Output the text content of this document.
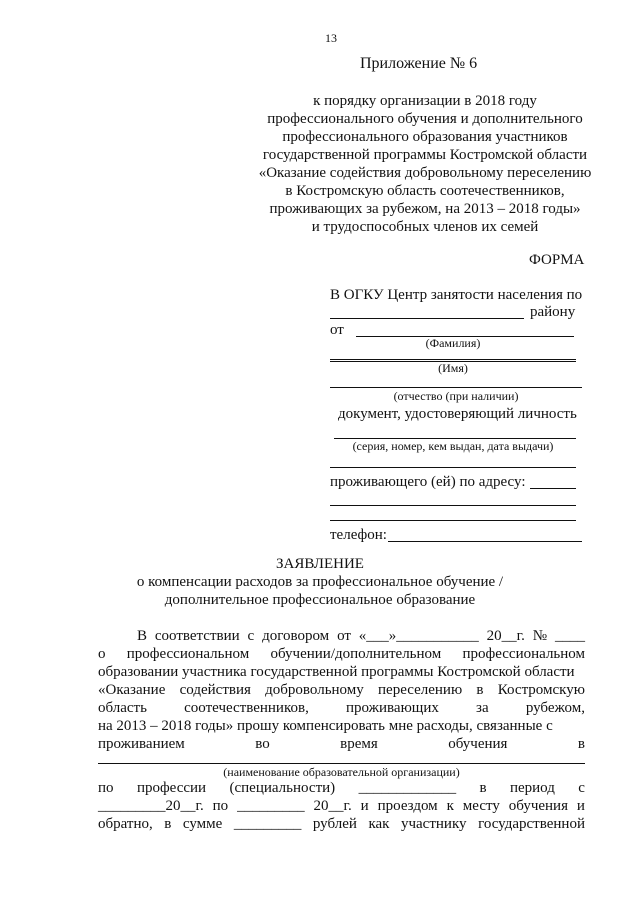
13
Приложение № 6
к порядку организации в 2018 году
профессионального обучения и дополнительного
профессионального образования участников
государственной программы Костромской области
«Оказание содействия добровольному переселению
в Костромскую область соотечественников,
проживающих за рубежом, на 2013 – 2018 годы»
и трудоспособных членов их семей
ФОРМА
В ОГКУ Центр занятости населения по
району
от
(Фамилия)
(Имя)
(отчество (при наличии)
документ, удостоверяющий личность
(серия, номер, кем выдан, дата выдачи)
проживающего (ей) по адресу:
телефон:
ЗАЯВЛЕНИЕ
о компенсации расходов за профессиональное обучение /
дополнительное профессиональное образование
В соответствии с договором от «___»___________ 20__г. № ____
о профессиональном обучении/дополнительном профессиональном
образовании участника государственной программы Костромской области
«Оказание содействия добровольному переселению в Костромскую
область соотечественников, проживающих за рубежом,
на 2013 – 2018 годы» прошу компенсировать мне расходы, связанные с
проживанием	во	время	обучения	в
(наименование образовательной организации)
по профессии (специальности) _____________ в период с
_________20__г. по _________ 20__г. и проездом к месту обучения и
обратно, в сумме _________ рублей как участнику государственной
